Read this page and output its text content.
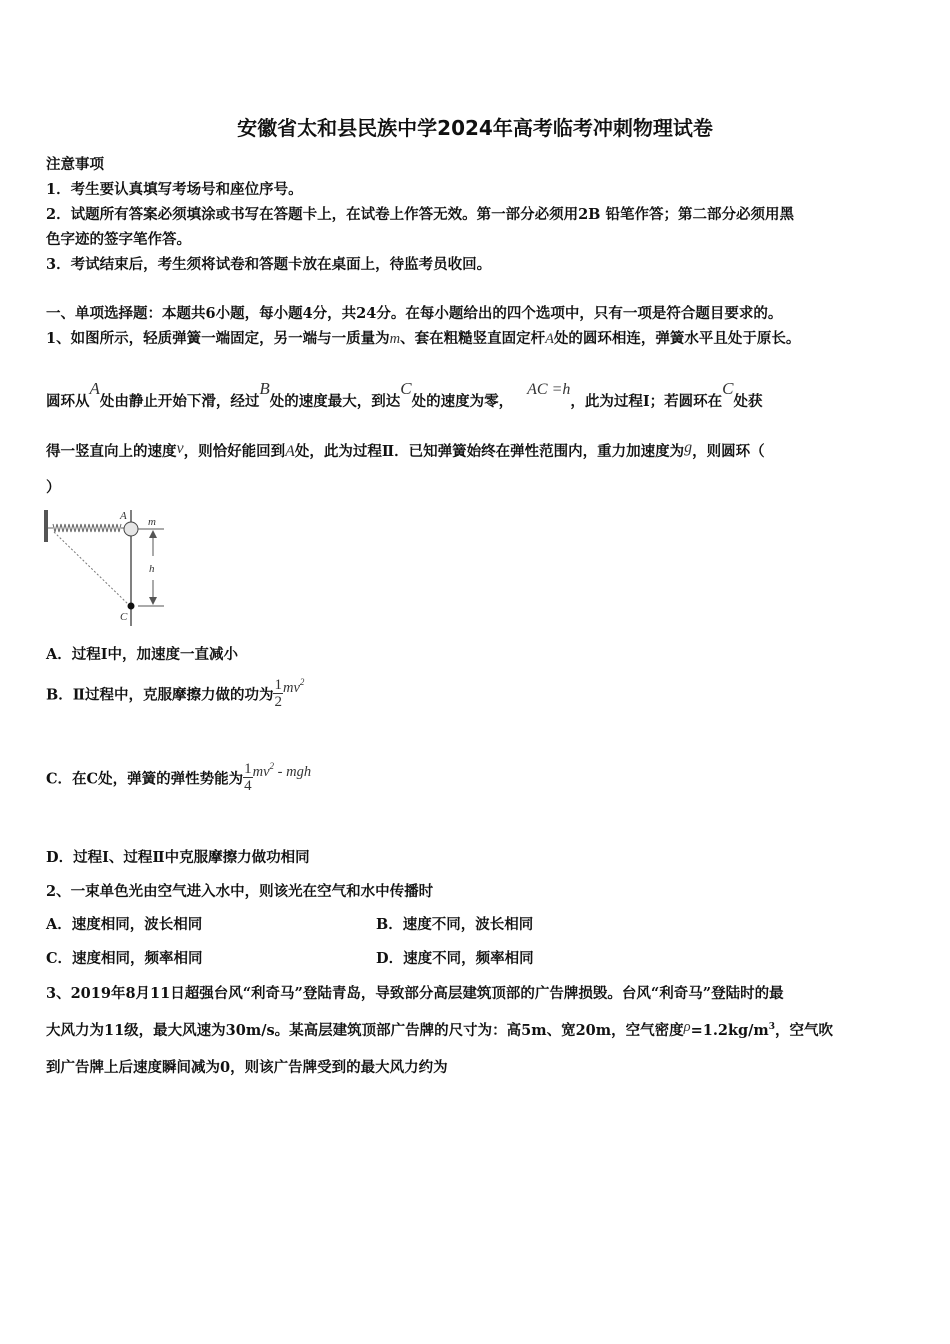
安徽省太和县民族中学2024年高考临考冲刺物理试卷
注意事项
1．考生要认真填写考场号和座位序号。
2．试题所有答案必须填涂或书写在答题卡上，在试卷上作答无效。第一部分必须用2B 铅笔作答；第二部分必须用黑
色字迹的签字笔作答。
3．考试结束后，考生须将试卷和答题卡放在桌面上，待监考员收回。
一、单项选择题：本题共6小题，每小题4分，共24分。在每小题给出的四个选项中，只有一项是符合题目要求的。
1、如图所示，轻质弹簧一端固定，另一端与一质量为m、套在粗糙竖直固定杆A处的圆环相连，弹簧水平且处于原长。
圆环从A处由静止开始下滑，经过B处的速度最大，到达C处的速度为零，AC =h，此为过程Ⅰ；若圆环在C处获
得一竖直向上的速度v，则恰好能回到A处，此为过程Ⅱ．已知弹簧始终在弹性范围内，重力加速度为g，则圆环（
）
A m
h
C
A．过程Ⅰ中，加速度一直减小
B．Ⅱ过程中，克服摩擦力做的功为 $\frac{1}{2} mv^2$
C．在C处，弹簧的弹性势能为 $\frac{1}{4} mv^2$ - mgh
D．过程Ⅰ、过程Ⅱ中克服摩擦力做功相同
2、一束单色光由空气进入水中，则该光在空气和水中传播时
A．速度相同，波长相同	B．速度不同，波长相同
C．速度相同，频率相同	D．速度不同，频率相同
3、2019年8月11日超强台风“利奇马”登陆青岛，导致部分高层建筑顶部的广告牌损毁。台风“利奇马”登陆时的最
大风力为11级，最大风速为30m/s。某高层建筑顶部广告牌的尺寸为：高5m、宽20m，空气密度$\rho=1.2kg/m^3$，空气吹
到广告牌上后速度瞬间减为0，则该广告牌受到的最大风力约为
